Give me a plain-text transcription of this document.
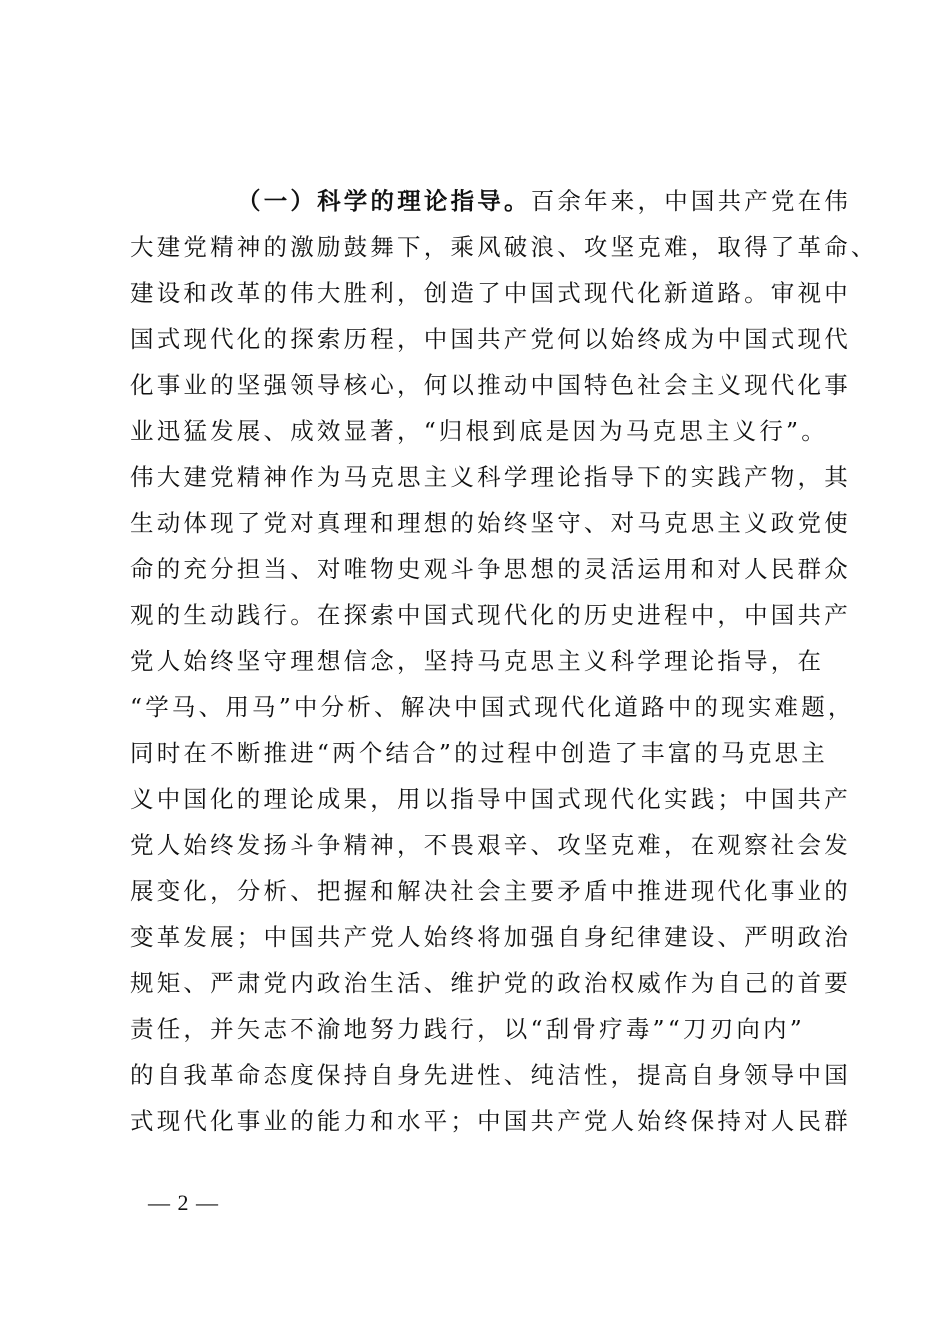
（一）科学的理论指导。百余年来，中国共产党在伟
大建党精神的激励鼓舞下，乘风破浪、攻坚克难，取得了革命、
建设和改革的伟大胜利，创造了中国式现代化新道路。审视中
国式现代化的探索历程，中国共产党何以始终成为中国式现代
化事业的坚强领导核心，何以推动中国特色社会主义现代化事
业迅猛发展、成效显著，“归根到底是因为马克思主义行”。
伟大建党精神作为马克思主义科学理论指导下的实践产物，其
生动体现了党对真理和理想的始终坚守、对马克思主义政党使
命的充分担当、对唯物史观斗争思想的灵活运用和对人民群众
观的生动践行。在探索中国式现代化的历史进程中，中国共产
党人始终坚守理想信念，坚持马克思主义科学理论指导，在
“学马、用马”中分析、解决中国式现代化道路中的现实难题，
同时在不断推进“两个结合”的过程中创造了丰富的马克思主
义中国化的理论成果，用以指导中国式现代化实践；中国共产
党人始终发扬斗争精神，不畏艰辛、攻坚克难，在观察社会发
展变化，分析、把握和解决社会主要矛盾中推进现代化事业的
变革发展；中国共产党人始终将加强自身纪律建设、严明政治
规矩、严肃党内政治生活、维护党的政治权威作为自己的首要
责任，并矢志不渝地努力践行，以“刮骨疗毒”“刀刃向内”
的自我革命态度保持自身先进性、纯洁性，提高自身领导中国
式现代化事业的能力和水平；中国共产党人始终保持对人民群
— 2 —
